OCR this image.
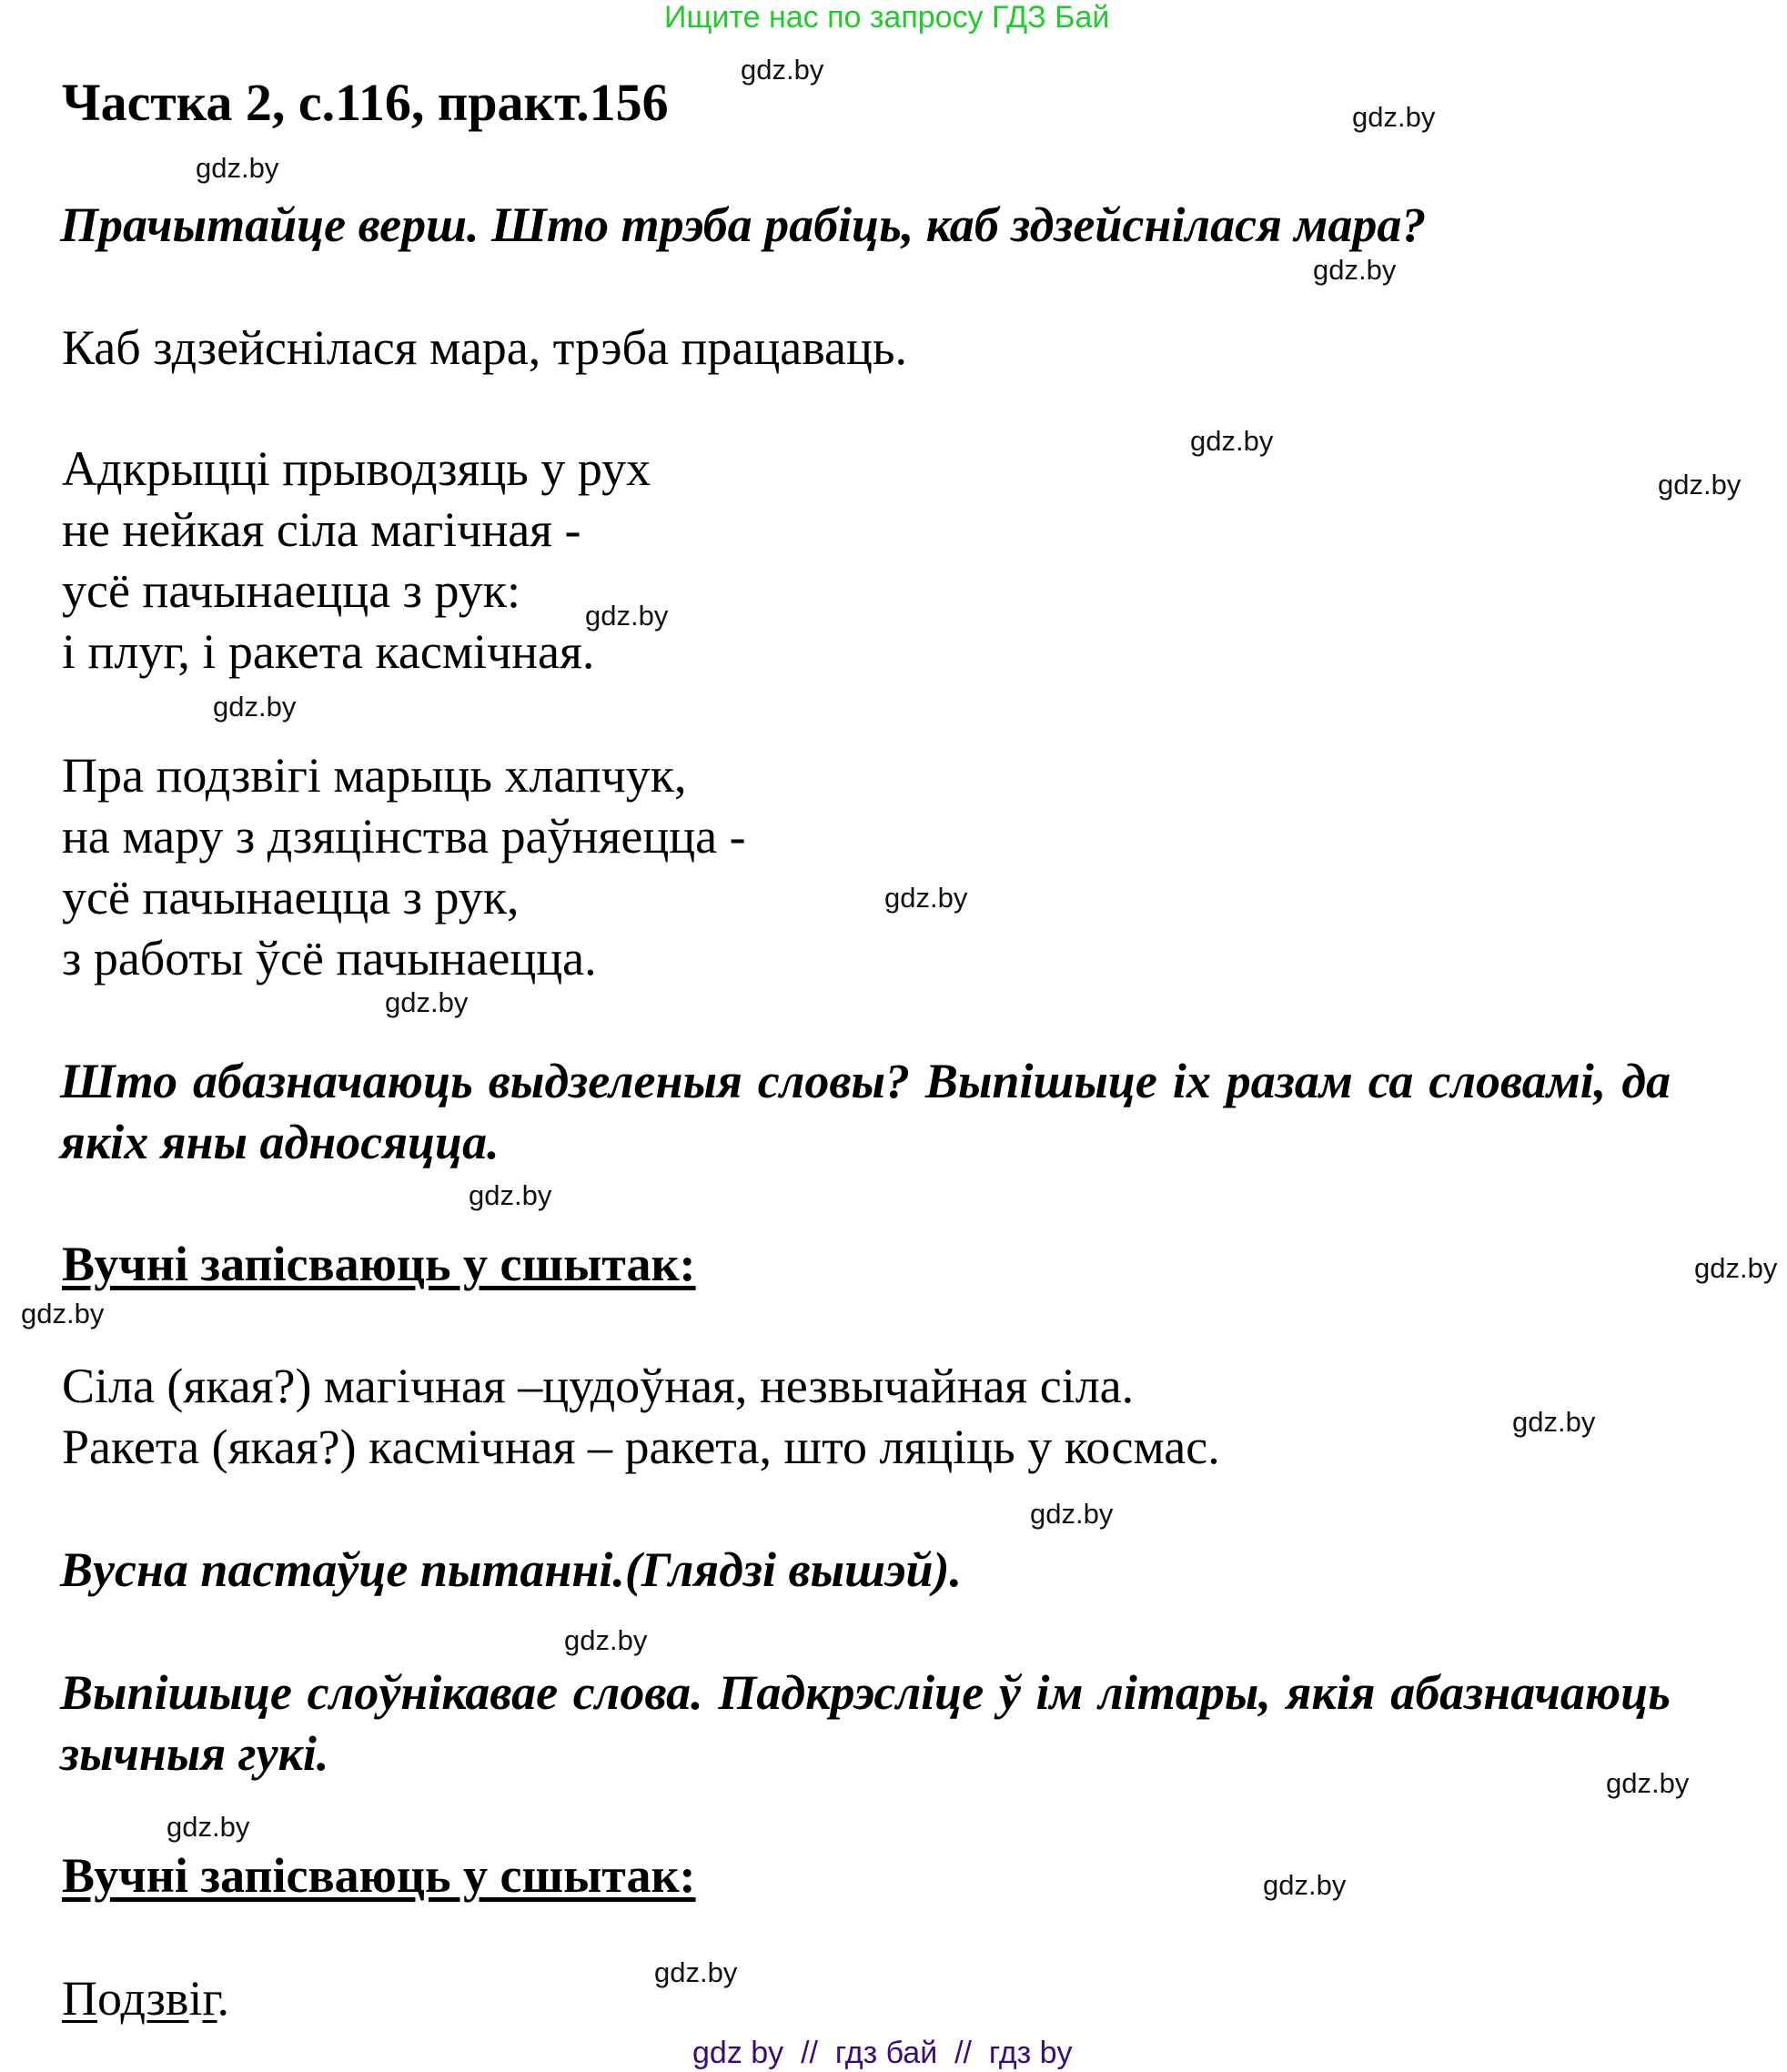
Ищите нас по запросу ГДЗ Бай
Частка 2, с.116, практ.156
Прачытайце верш. Што трэба рабіць, каб здзейснілася мара?
Каб здзейснілася мара, трэба працаваць.
Адкрыцці прыводзяць у рух
не нейкая сіла магічная -
усё пачынаецца з рук:
і плуг, і ракета касмічная.
Пра подзвігі марыць хлапчук,
на мару з дзяцінства раўняецца -
усё пачынаецца з рук,
з работы ўсё пачынаецца.
Што абазначаюць выдзеленыя словы? Выпішыце іх разам са словамі, да якіх яны адносяцца.
Вучні запісваюць у сшытак:
Сіла (якая?) магічная –цудоўная, незвычайная сіла.
Ракета (якая?) касмічная – ракета, што ляціць у космас.
Вусна пастаўце пытанні.(Глядзі вышэй).
Выпішыце слоўнікавае слова. Падкрэсліце ў ім літары, якія абазначаюць зычныя гукі.
Вучні запісваюць у сшытак:
Подзвіг.
gdz.by
gdz.by
gdz.by
gdz.by
gdz.by
gdz.by
gdz.by
gdz.by
gdz.by
gdz.by
gdz.by
gdz.by
gdz.by
gdz.by
gdz.by
gdz.by
gdz.by
gdz.by
gdz.by
gdz.by
gdz by  //  гдз бай  //  гдз by
